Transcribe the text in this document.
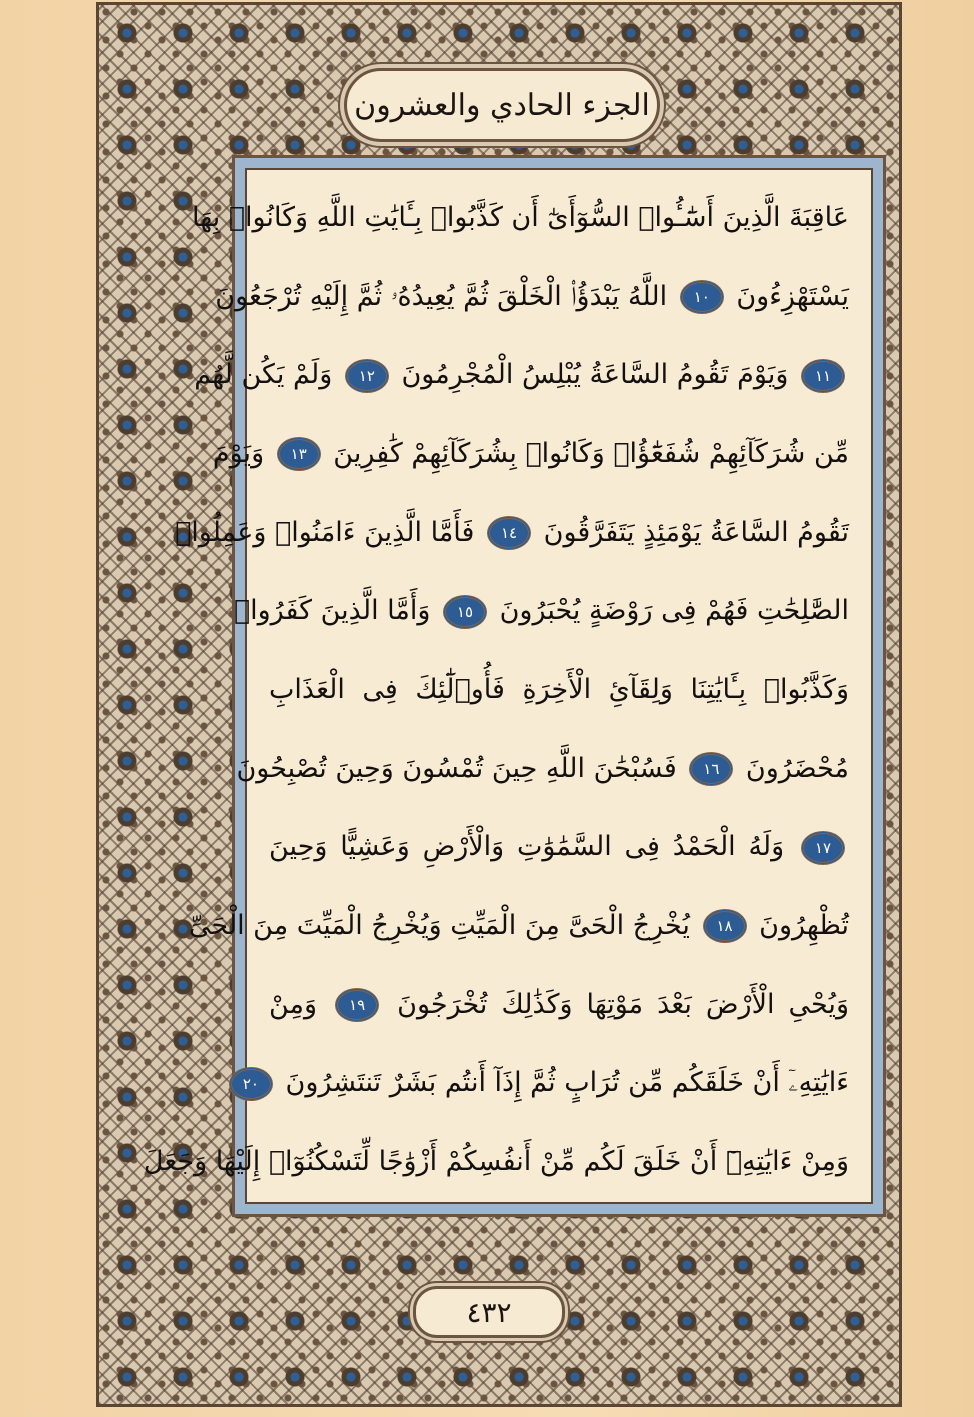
الجزء الحادي والعشرون
عَاقِبَةَ الَّذِينَ أَسَٰٓـُٔوا۟ السُّوٓأَىٰٓ أَن كَذَّبُوا۟ بِـَٔايَٰتِ اللَّهِ وَكَانُوا۟ بِهَا
يَسْتَهْزِءُونَ ١٠ اللَّهُ يَبْدَؤُا۟ الْخَلْقَ ثُمَّ يُعِيدُهُۥ ثُمَّ إِلَيْهِ تُرْجَعُونَ
١١ وَيَوْمَ تَقُومُ السَّاعَةُ يُبْلِسُ الْمُجْرِمُونَ ١٢ وَلَمْ يَكُن لَّهُم
مِّن شُرَكَآئِهِمْ شُفَعَٰٓؤُا۟ وَكَانُوا۟ بِشُرَكَآئِهِمْ كَٰفِرِينَ ١٣ وَيَوْمَ
تَقُومُ السَّاعَةُ يَوْمَئِذٍ يَتَفَرَّقُونَ ١٤ فَأَمَّا الَّذِينَ ءَامَنُوا۟ وَعَمِلُوا۟
الصَّٰلِحَٰتِ فَهُمْ فِى رَوْضَةٍ يُحْبَرُونَ ١٥ وَأَمَّا الَّذِينَ كَفَرُوا۟
وَكَذَّبُوا۟ بِـَٔايَٰتِنَا وَلِقَآئِ الْأَخِرَةِ فَأُو۟لَٰٓئِكَ فِى الْعَذَابِ
مُحْضَرُونَ ١٦ فَسُبْحَٰنَ اللَّهِ حِينَ تُمْسُونَ وَحِينَ تُصْبِحُونَ
١٧ وَلَهُ الْحَمْدُ فِى السَّمَٰوَٰتِ وَالْأَرْضِ وَعَشِيًّا وَحِينَ
تُظْهِرُونَ ١٨ يُخْرِجُ الْحَىَّ مِنَ الْمَيِّتِ وَيُخْرِجُ الْمَيِّتَ مِنَ الْحَىِّ
وَيُحْىِ الْأَرْضَ بَعْدَ مَوْتِهَا وَكَذَٰلِكَ تُخْرَجُونَ ١٩ وَمِنْ
ءَايَٰتِهِۦٓ أَنْ خَلَقَكُم مِّن تُرَابٍ ثُمَّ إِذَآ أَنتُم بَشَرٌ تَنتَشِرُونَ ٢٠
وَمِنْ ءَايَٰتِهِۦٓ أَنْ خَلَقَ لَكُم مِّنْ أَنفُسِكُمْ أَزْوَٰجًا لِّتَسْكُنُوٓا۟ إِلَيْهَا وَجَعَلَ
٤٣٢
